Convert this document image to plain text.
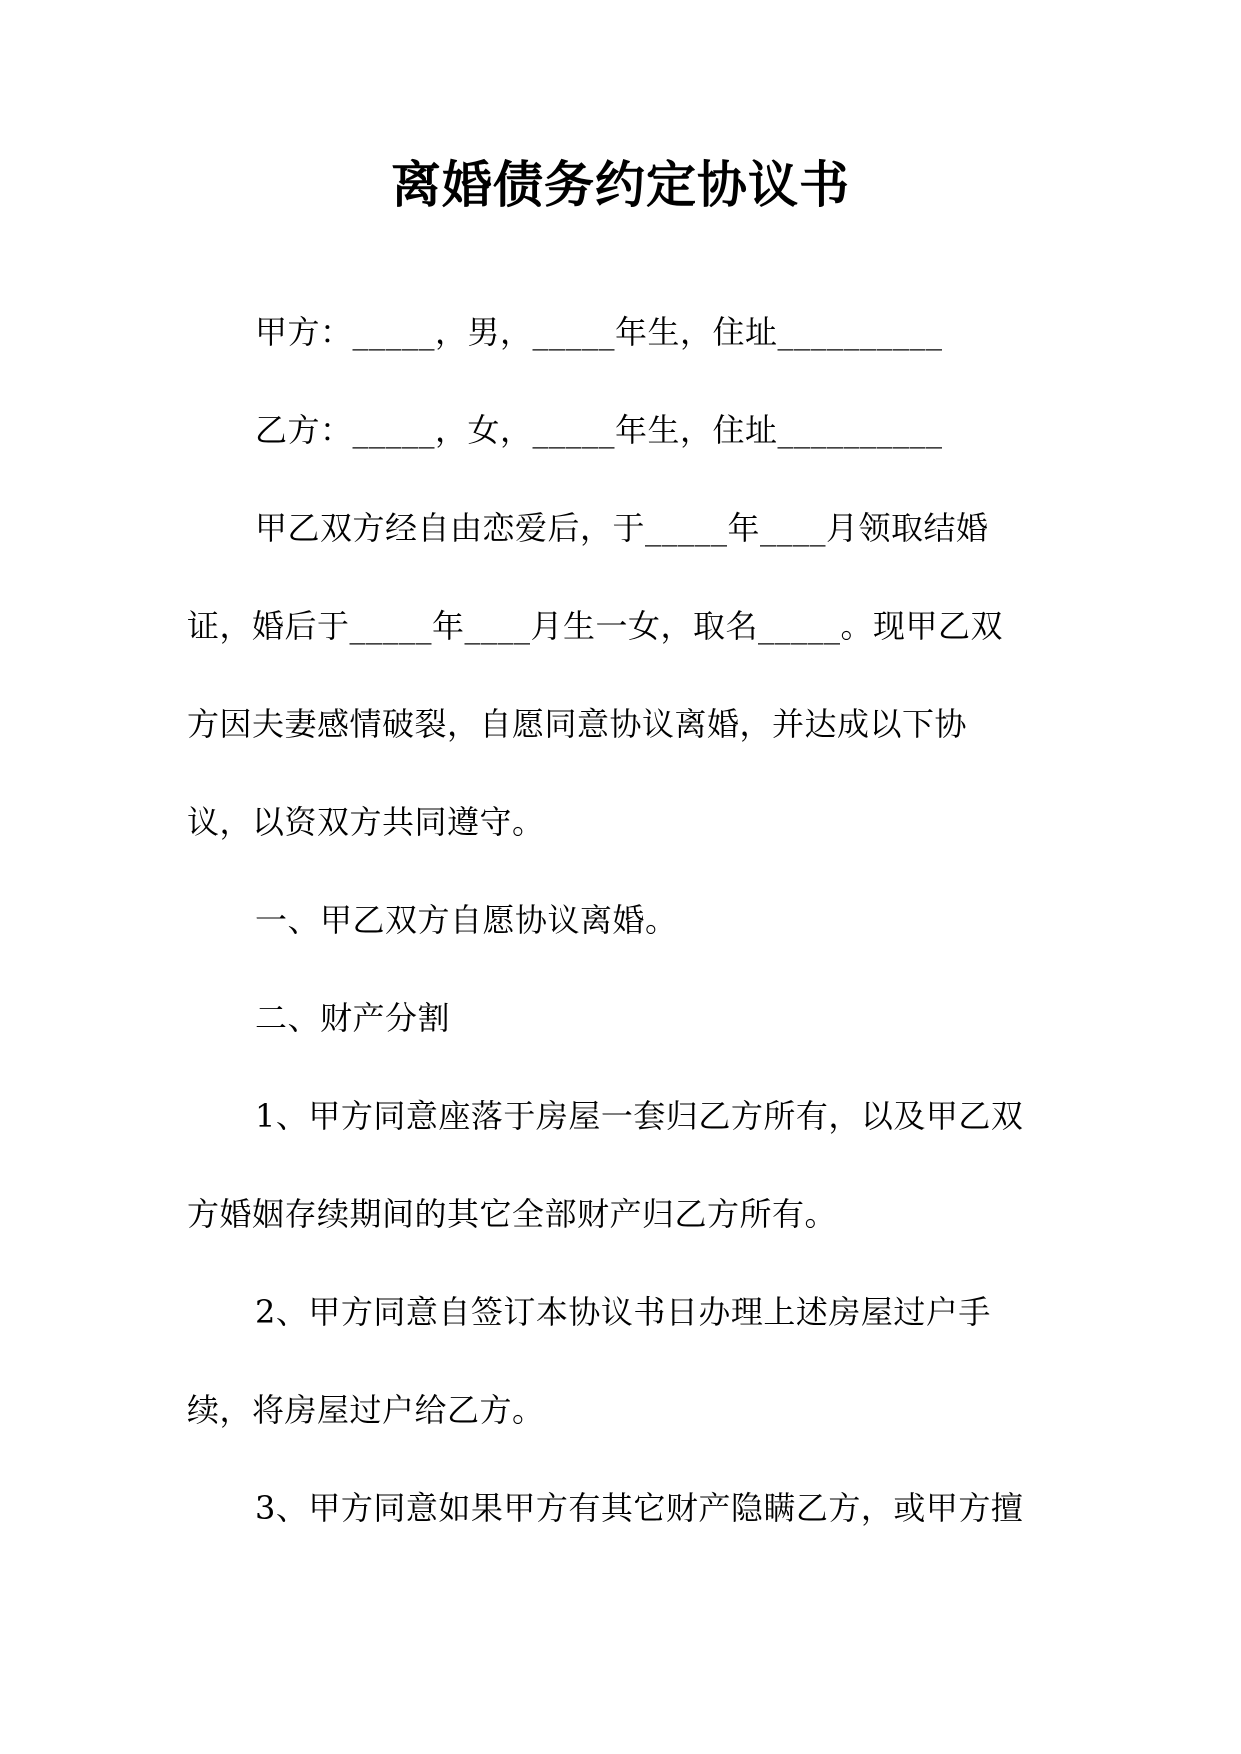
离婚债务约定协议书
甲方：_____，男，_____年生，住址__________
乙方：_____，女，_____年生，住址__________
甲乙双方经自由恋爱后，于_____年____月领取结婚
证，婚后于_____年____月生一女，取名_____。现甲乙双
方因夫妻感情破裂，自愿同意协议离婚，并达成以下协
议，以资双方共同遵守。
一、甲乙双方自愿协议离婚。
二、财产分割
1、甲方同意座落于房屋一套归乙方所有，以及甲乙双
方婚姻存续期间的其它全部财产归乙方所有。
2、甲方同意自签订本协议书日办理上述房屋过户手
续，将房屋过户给乙方。
3、甲方同意如果甲方有其它财产隐瞒乙方，或甲方擅
